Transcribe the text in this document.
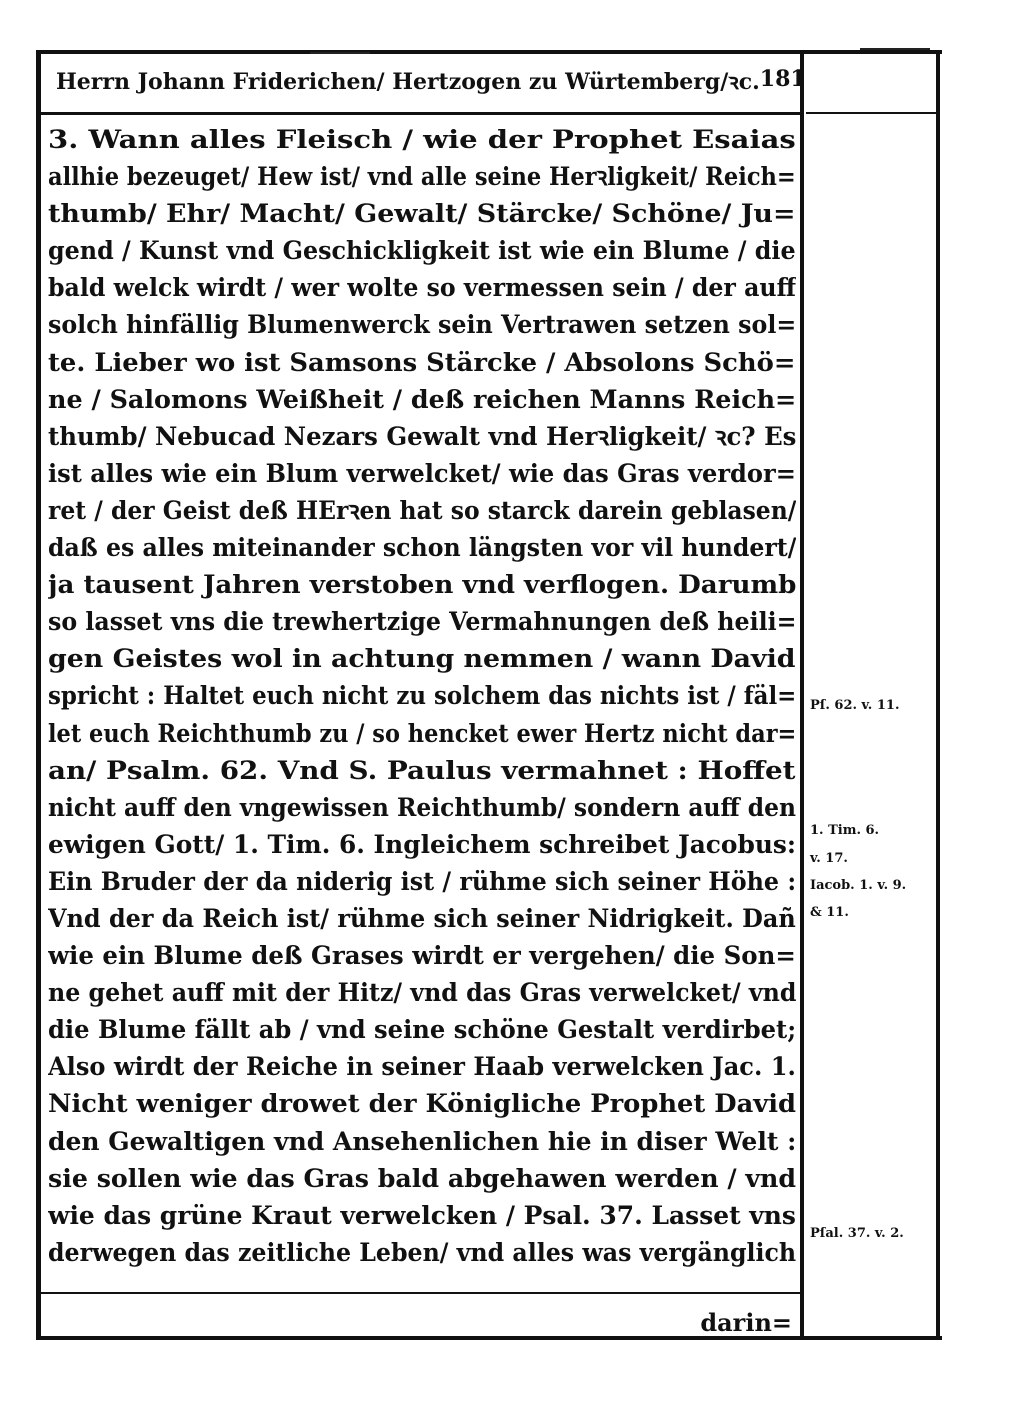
Herrn Johann Friderichen/ Hertzogen zu Würtemberg/ꝛc. 181
3. Wann alles Fleisch / wie der Prophet Esaias
allhie bezeuget/ Hew ist/ vnd alle seine Herꝛligkeit/ Reich=
thumb/ Ehr/ Macht/ Gewalt/ Stärcke/ Schöne/ Ju=
gend / Kunst vnd Geschickligkeit ist wie ein Blume / die
bald welck wirdt / wer wolte so vermessen sein / der auff
solch hinfällig Blumenwerck sein Vertrawen setzen sol=
te. Lieber wo ist Samsons Stärcke / Absolons Schö=
ne / Salomons Weißheit / deß reichen Manns Reich=
thumb/ Nebucad Nezars Gewalt vnd Herꝛligkeit/ ꝛc? Es
ist alles wie ein Blum verwelcket/ wie das Gras verdor=
ret / der Geist deß HErꝛen hat so starck darein geblasen/
daß es alles miteinander schon längsten vor vil hundert/
ja tausent Jahren verstoben vnd verflogen. Darumb
so lasset vns die trewhertzige Vermahnungen deß heili=
gen Geistes wol in achtung nemmen / wann David
spricht : Haltet euch nicht zu solchem das nichts ist / fäl=
let euch Reichthumb zu / so hencket ewer Hertz nicht dar=
an/ Psalm. 62. Vnd S. Paulus vermahnet : Hoffet
nicht auff den vngewissen Reichthumb/ sondern auff den
ewigen Gott/ 1. Tim. 6. Ingleichem schreibet Jacobus:
Ein Bruder der da niderig ist / rühme sich seiner Höhe :
Vnd der da Reich ist/ rühme sich seiner Nidrigkeit. Dañ
wie ein Blume deß Grases wirdt er vergehen/ die Son=
ne gehet auff mit der Hitz/ vnd das Gras verwelcket/ vnd
die Blume fällt ab / vnd seine schöne Gestalt verdirbet;
Also wirdt der Reiche in seiner Haab verwelcken Jac. 1.
Nicht weniger drowet der Königliche Prophet David
den Gewaltigen vnd Ansehenlichen hie in diser Welt :
sie sollen wie das Gras bald abgehawen werden / vnd
wie das grüne Kraut verwelcken / Psal. 37. Lasset vns
derwegen das zeitliche Leben/ vnd alles was vergänglich
Pſ. 62. v. 11.
1. Tim. 6.
v. 17.
Iacob. 1. v. 9.
& 11.
Pſal. 37. v. 2.
darin=
